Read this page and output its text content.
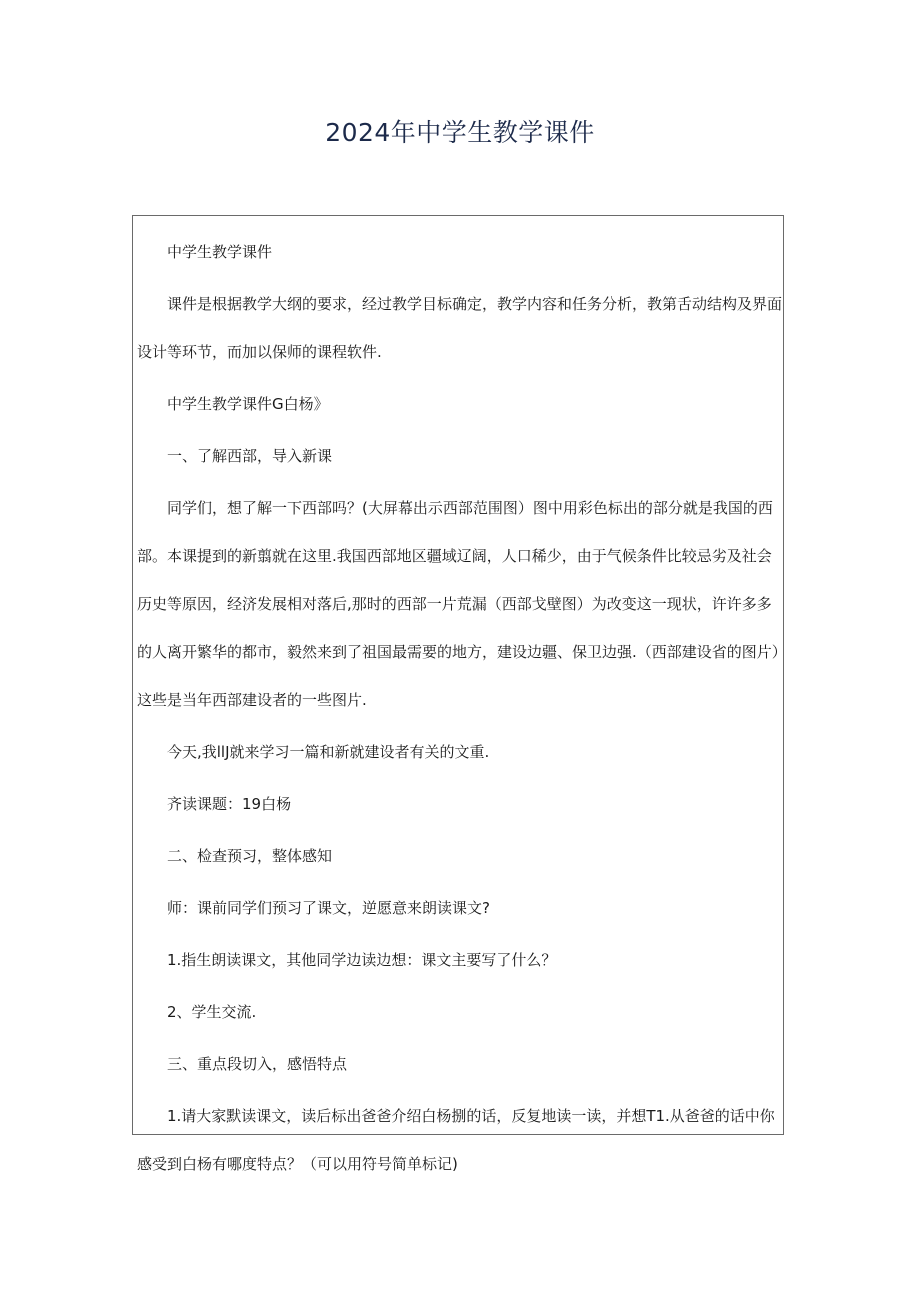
2024年中学生教学课件

中学生教学课件

课件是根据教学大纲的要求，经过教学目标确定，教学内容和任务分析，教第舌动结构及界面设计等环节，而加以保师的课程软件.

中学生教学课件G白杨》

一、了解西部，导入新课

同学们，想了解一下西部吗？(大屏幕出示西部范围图）图中用彩色标出的部分就是我国的西部。本课提到的新翦就在这里.我国西部地区疆域辽阔，人口稀少，由于气候条件比较忌劣及社会历史等原因，经济发展相对落后,那时的西部一片荒漏（西部戈壁图）为改变这一现状，许许多多的人离开繁华的都市，毅然来到了祖国最需要的地方，建设边疆、保卫边强.（西部建设省的图片）这些是当年西部建设者的一些图片.

今天,我llJ就来学习一篇和新就建设者有关的文重.

齐读课题：19白杨

二、检查预习，整体感知

师：课前同学们预习了课文，逆愿意来朗读课文?

1.指生朗读课文，其他同学边读边想：课文主要写了什么？

2、学生交流.

三、重点段切入，感悟特点

1.请大家默读课文，读后标出爸爸介绍白杨捌的话，反复地读一读，并想T1.从爸爸的话中你感受到白杨有哪度特点？（可以用符号简单标记)
